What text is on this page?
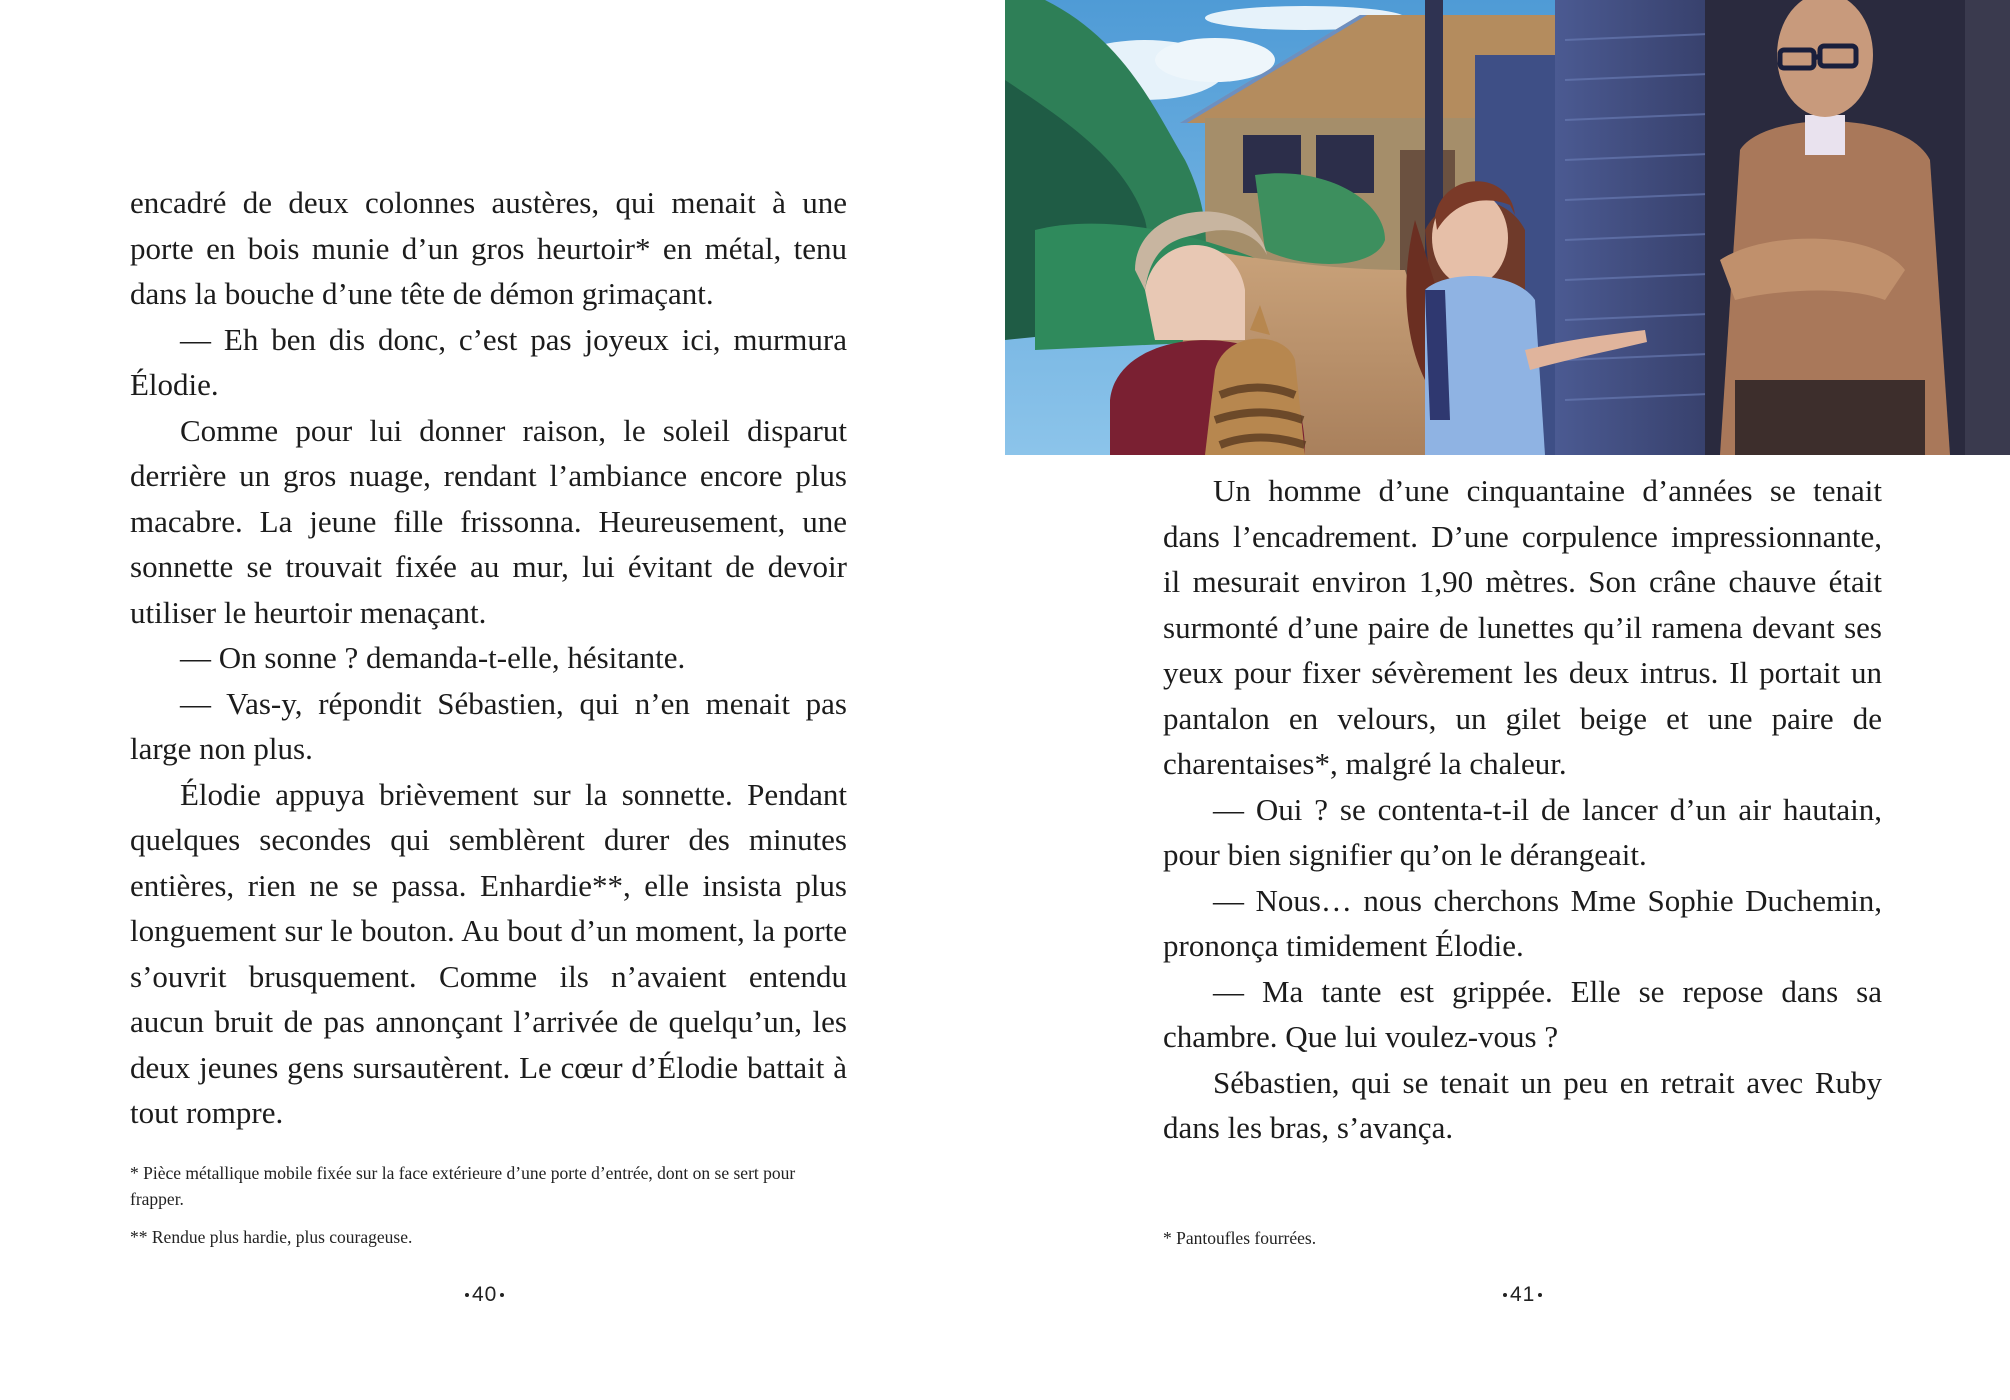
encadré de deux colonnes austères, qui menait à une porte en bois munie d’un gros heurtoir* en métal, tenu dans la bouche d’une tête de démon grimaçant.

— Eh ben dis donc, c’est pas joyeux ici, murmura Élodie.

Comme pour lui donner raison, le soleil disparut derrière un gros nuage, rendant l’ambiance encore plus macabre. La jeune fille frissonna. Heureusement, une sonnette se trouvait fixée au mur, lui évitant de devoir utiliser le heurtoir menaçant.

— On sonne ? demanda-t-elle, hésitante.

— Vas-y, répondit Sébastien, qui n’en menait pas large non plus.

Élodie appuya brièvement sur la sonnette. Pendant quelques secondes qui semblèrent durer des minutes entières, rien ne se passa. Enhardie**, elle insista plus longuement sur le bouton. Au bout d’un moment, la porte s’ouvrit brusquement. Comme ils n’avaient entendu aucun bruit de pas annonçant l’arrivée de quelqu’un, les deux jeunes gens sursautèrent. Le cœur d’Élodie battait à tout rompre.

* Pièce métallique mobile fixée sur la face extérieure d’une porte d’entrée, dont on se sert pour frapper.

** Rendue plus hardie, plus courageuse.

40

Un homme d’une cinquantaine d’années se tenait dans l’encadrement. D’une corpulence impressionnante, il mesurait environ 1,90 mètres. Son crâne chauve était surmonté d’une paire de lunettes qu’il ramena devant ses yeux pour fixer sévèrement les deux intrus. Il portait un pantalon en velours, un gilet beige et une paire de charentaises*, malgré la chaleur.

— Oui ? se contenta-t-il de lancer d’un air hautain, pour bien signifier qu’on le dérangeait.

— Nous… nous cherchons Mme Sophie Duchemin, prononça timidement Élodie.

— Ma tante est grippée. Elle se repose dans sa chambre. Que lui voulez-vous ?

Sébastien, qui se tenait un peu en retrait avec Ruby dans les bras, s’avança.

* Pantoufles fourrées.

41
